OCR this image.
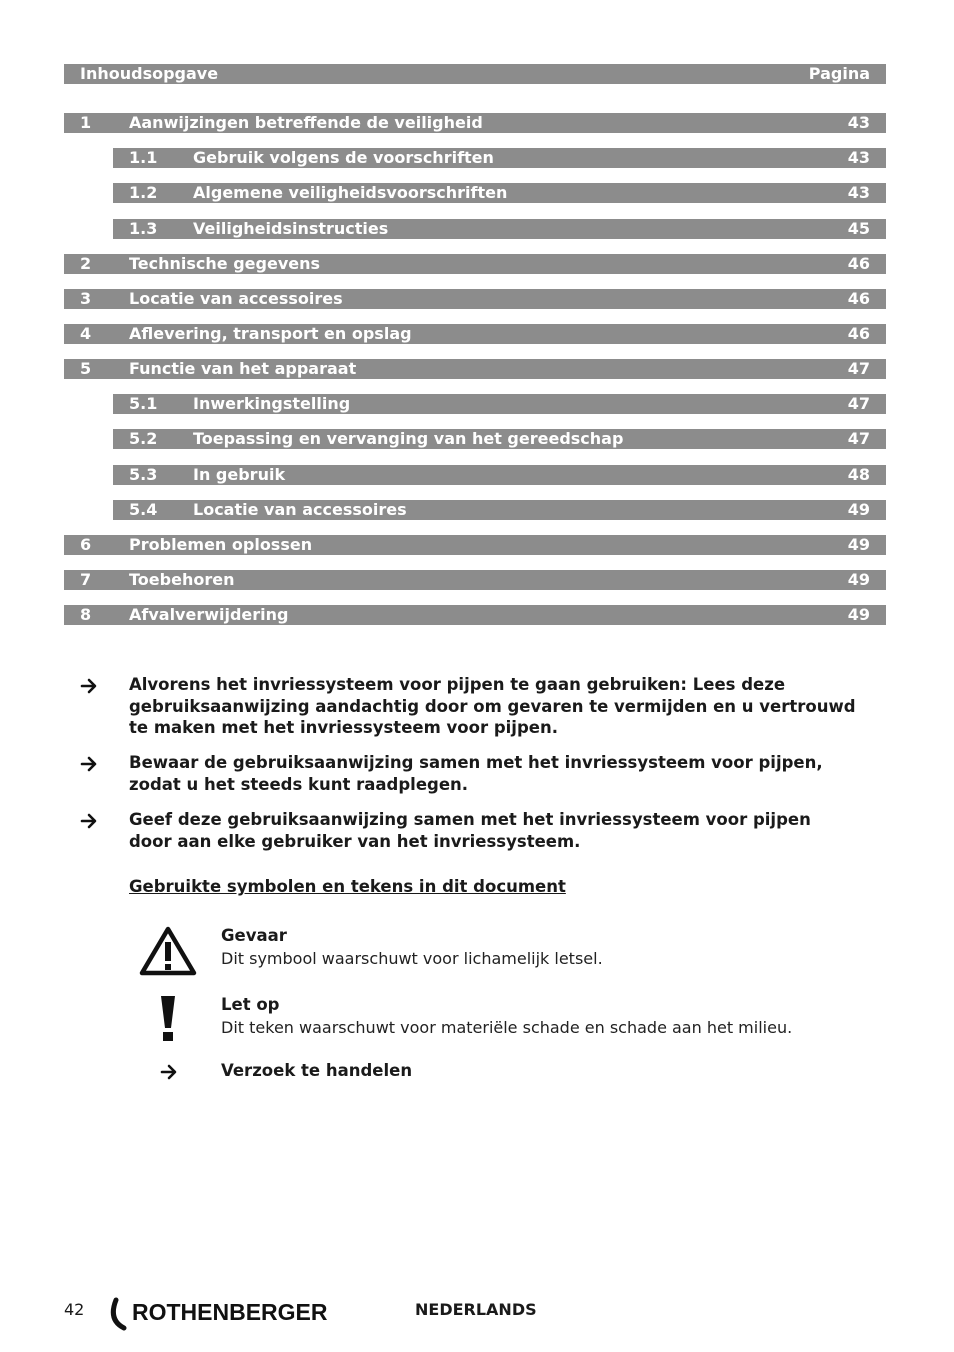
Inhoudsopgave	Pagina
1 Aanwijzingen betreffende de veiligheid	43
1.1 Gebruik volgens de voorschriften	43
1.2 Algemene veiligheidsvoorschriften	43
1.3 Veiligheidsinstructies	45
2 Technische gegevens	46
3 Locatie van accessoires	46
4 Aflevering, transport en opslag	46
5 Functie van het apparaat	47
5.1 Inwerkingstelling	47
5.2 Toepassing en vervanging van het gereedschap	47
5.3 In gebruik	48
5.4 Locatie van accessoires	49
6 Problemen oplossen	49
7 Toebehoren	49
8 Afvalverwijdering	49
Alvorens het invriessysteem voor pijpen te gaan gebruiken: Lees deze gebruiksaanwijzing aandachtig door om gevaren te vermijden en u vertrouwd te maken met het invriessysteem voor pijpen.
Bewaar de gebruiksaanwijzing samen met het invriessysteem voor pijpen, zodat u het steeds kunt raadplegen.
Geef deze gebruiksaanwijzing samen met het invriessysteem voor pijpen door aan elke gebruiker van het invriessysteem.
Gebruikte symbolen en tekens in dit document
Gevaar
Dit symbool waarschuwt voor lichamelijk letsel.
Let op
Dit teken waarschuwt voor materiële schade en schade aan het milieu.
Verzoek te handelen
42 ROTHENBERGER	NEDERLANDS
